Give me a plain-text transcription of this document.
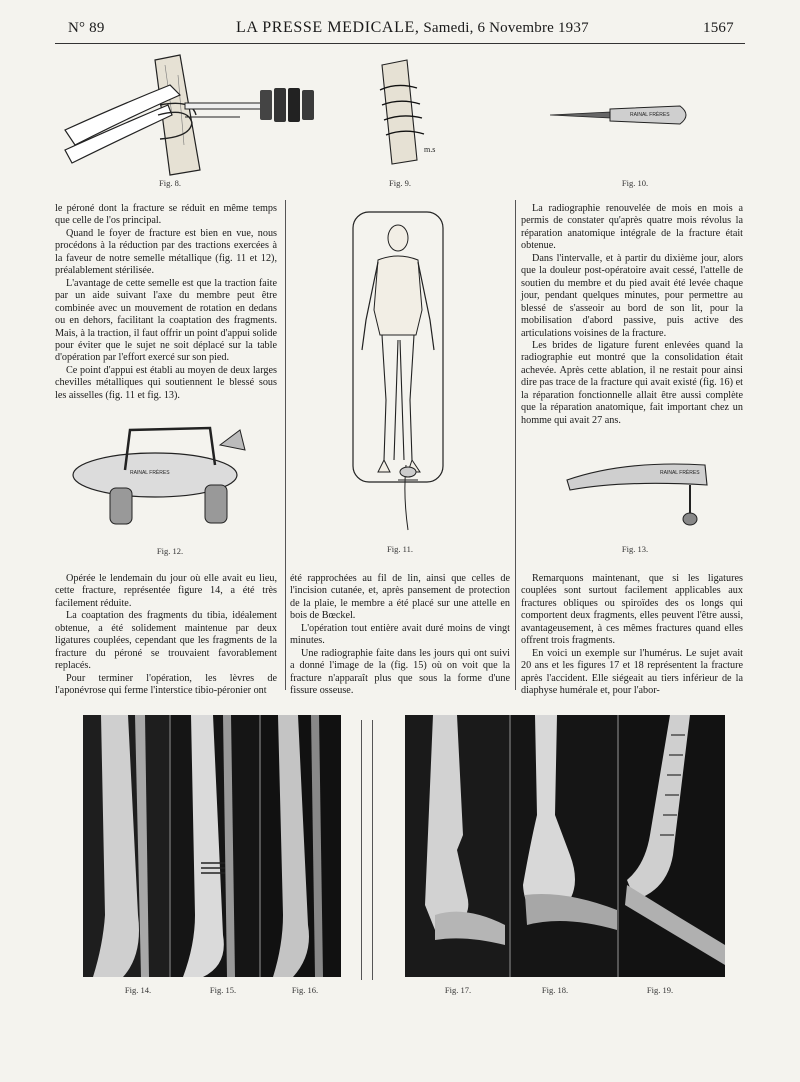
N° 89	LA PRESSE MEDICALE, Samedi, 6 Novembre 1937	1567
Fig. 8.
m.s
Fig. 9.
RAINAL FRÈRES
Fig. 10.

le péroné dont la fracture se réduit en même temps que celle de l'os principal.

Quand le foyer de fracture est bien en vue, nous procédons à la réduction par des tractions exercées à la faveur de notre semelle métallique (fig. 11 et 12), préalablement stérilisée.

L'avantage de cette semelle est que la traction faite par un aide suivant l'axe du membre peut être combinée avec un mouvement de rotation en dedans ou en dehors, facilitant la coaptation des fragments. Mais, à la traction, il faut offrir un point d'appui solide pour éviter que le sujet ne soit déplacé sur la table d'opération par l'effort exercé sur son pied.

Ce point d'appui est établi au moyen de deux larges chevilles métalliques qui soutiennent le blessé sous les aisselles (fig. 11 et fig. 13).

Fig. 11.

La radiographie renouvelée de mois en mois a permis de constater qu'après quatre mois révolus la réparation anatomique intégrale de la fracture était obtenue.

Dans l'intervalle, et à partir du dixième jour, alors que la douleur post-opératoire avait cessé, l'attelle de soutien du membre et du pied avait été levée chaque jour, pendant quelques minutes, pour permettre au blessé de s'asseoir au bord de son lit, pour la mobilisation d'abord passive, puis active des articulations voisines de la fracture.

Les brides de ligature furent enlevées quand la radiographie eut montré que la consolidation était achevée. Après cette ablation, il ne restait pour ainsi dire pas trace de la fracture qui avait existé (fig. 16) et la réparation fonctionnelle allait être aussi complète que la réparation anatomique, fait important chez un homme qui avait 27 ans.

RAINAL FRÈRES
Fig. 12.
RAINAL FRÈRES
Fig. 13.

Opérée le lendemain du jour où elle avait eu lieu, cette fracture, représentée figure 14, a été très facilement réduite.

La coaptation des fragments du tibia, idéalement obtenue, a été solidement maintenue par deux ligatures couplées, cependant que les fragments de la fracture du péroné se trouvaient favorablement replacés.

Pour terminer l'opération, les lèvres de l'aponévrose qui ferme l'interstice tibio-péronier ont

été rapprochées au fil de lin, ainsi que celles de l'incision cutanée, et, après pansement de protection de la plaie, le membre a été placé sur une attelle en bois de Bœckel.

L'opération tout entière avait duré moins de vingt minutes.

Une radiographie faite dans les jours qui ont suivi a donné l'image de la (fig. 15) où on voit que la fracture n'apparaît plus que sous la forme d'une fissure osseuse.

Remarquons maintenant, que si les ligatures couplées sont surtout facilement applicables aux fractures obliques ou spiroïdes des os longs qui comportent deux fragments, elles peuvent l'être aussi, avantageusement, à ces mêmes fractures quand elles offrent trois fragments.

En voici un exemple sur l'humérus. Le sujet avait 20 ans et les figures 17 et 18 représentent la fracture après l'accident. Elle siégeait au tiers inférieur de la diaphyse humérale et, pour l'abor-

Fig. 14.	Fig. 15.	Fig. 16.	Fig. 17.	Fig. 18.	Fig. 19.
